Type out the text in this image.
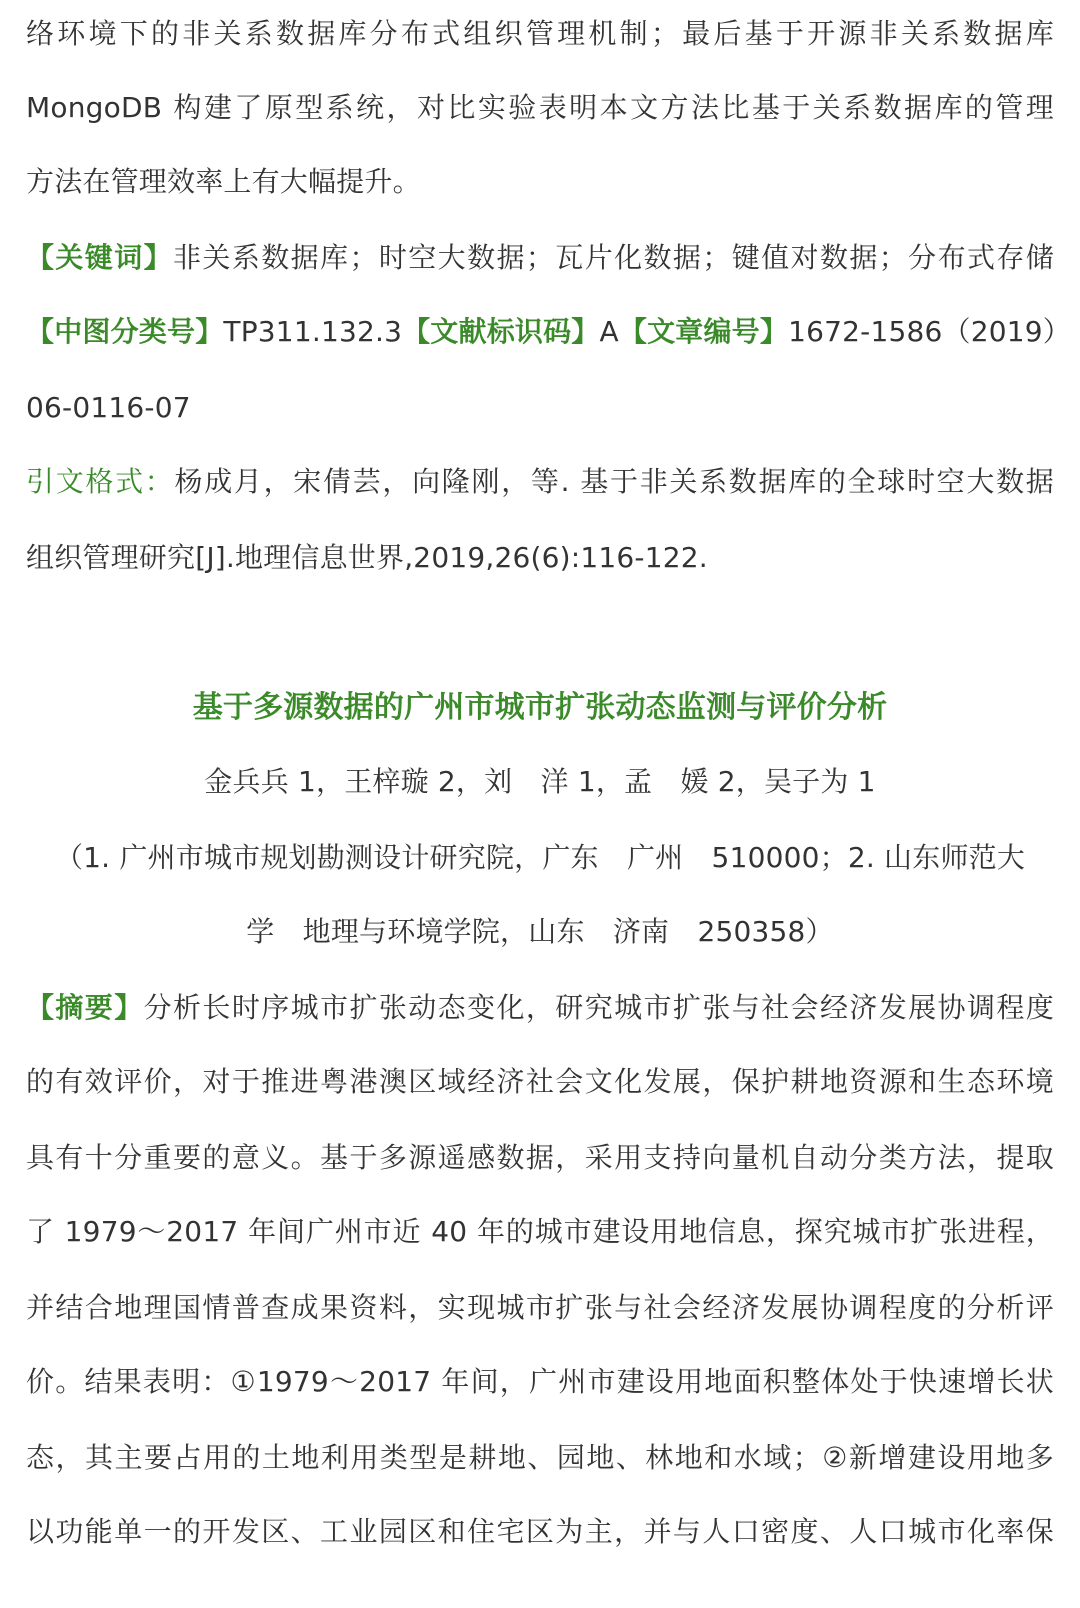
络环境下的非关系数据库分布式组织管理机制；最后基于开源非关系数据库
MongoDB 构建了原型系统，对比实验表明本文方法比基于关系数据库的管理
方法在管理效率上有大幅提升。
【关键词】非关系数据库；时空大数据；瓦片化数据；键值对数据；分布式存储
【中图分类号】TP311.132.3【文献标识码】A【文章编号】1672-1586（2019）
06-0116-07
引文格式：杨成月，宋倩芸，向隆刚，等. 基于非关系数据库的全球时空大数据
组织管理研究[J].地理信息世界,2019,26(6):116-122.
基于多源数据的广州市城市扩张动态监测与评价分析
金兵兵 1，王梓璇 2，刘　洋 1，孟　媛 2，吴子为 1
（1. 广州市城市规划勘测设计研究院，广东　广州　510000；2. 山东师范大
学　地理与环境学院，山东　济南　250358）
【摘要】分析长时序城市扩张动态变化，研究城市扩张与社会经济发展协调程度
的有效评价，对于推进粤港澳区域经济社会文化发展，保护耕地资源和生态环境
具有十分重要的意义。基于多源遥感数据，采用支持向量机自动分类方法，提取
了 1979～2017 年间广州市近 40 年的城市建设用地信息，探究城市扩张进程，
并结合地理国情普查成果资料，实现城市扩张与社会经济发展协调程度的分析评
价。结果表明：①1979～2017 年间，广州市建设用地面积整体处于快速增长状
态，其主要占用的土地利用类型是耕地、园地、林地和水域；②新增建设用地多
以功能单一的开发区、工业园区和住宅区为主，并与人口密度、人口城市化率保
